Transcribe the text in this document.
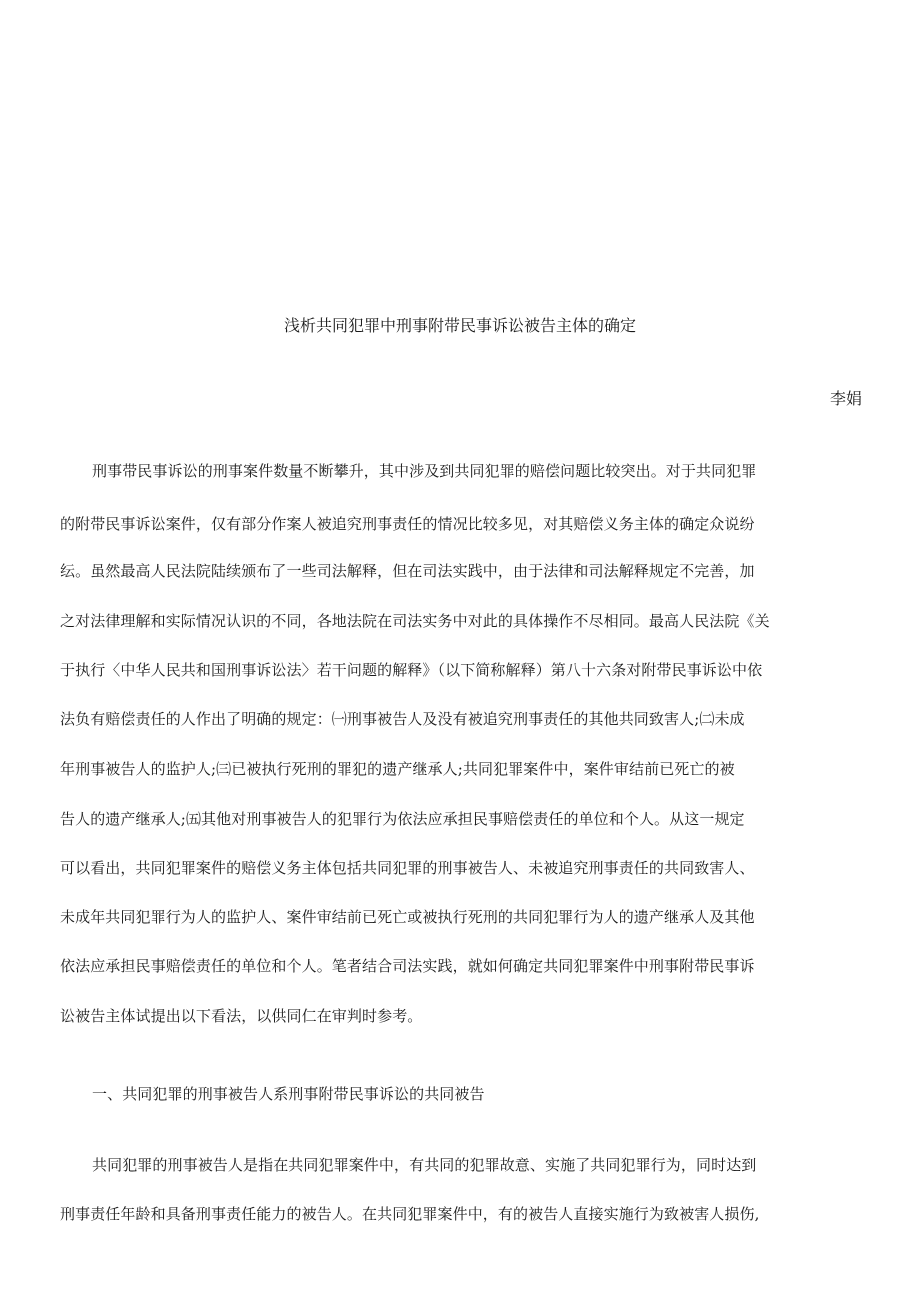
浅析共同犯罪中刑事附带民事诉讼被告主体的确定
李娟
刑事带民事诉讼的刑事案件数量不断攀升，其中涉及到共同犯罪的赔偿问题比较突出。对于共同犯罪
的附带民事诉讼案件，仅有部分作案人被追究刑事责任的情况比较多见，对其赔偿义务主体的确定众说纷
纭。虽然最高人民法院陆续颁布了一些司法解释，但在司法实践中，由于法律和司法解释规定不完善，加
之对法律理解和实际情况认识的不同，各地法院在司法实务中对此的具体操作不尽相同。最高人民法院《关
于执行〈中华人民共和国刑事诉讼法〉若干问题的解释》（以下简称解释）第八十六条对附带民事诉讼中依
法负有赔偿责任的人作出了明确的规定：㈠刑事被告人及没有被追究刑事责任的其他共同致害人;㈡未成
年刑事被告人的监护人;㈢已被执行死刑的罪犯的遗产继承人;共同犯罪案件中，案件审结前已死亡的被
告人的遗产继承人;㈤其他对刑事被告人的犯罪行为依法应承担民事赔偿责任的单位和个人。从这一规定
可以看出，共同犯罪案件的赔偿义务主体包括共同犯罪的刑事被告人、未被追究刑事责任的共同致害人、
未成年共同犯罪行为人的监护人、案件审结前已死亡或被执行死刑的共同犯罪行为人的遗产继承人及其他
依法应承担民事赔偿责任的单位和个人。笔者结合司法实践，就如何确定共同犯罪案件中刑事附带民事诉
讼被告主体试提出以下看法，以供同仁在审判时参考。
一、共同犯罪的刑事被告人系刑事附带民事诉讼的共同被告
共同犯罪的刑事被告人是指在共同犯罪案件中，有共同的犯罪故意、实施了共同犯罪行为，同时达到
刑事责任年龄和具备刑事责任能力的被告人。在共同犯罪案件中，有的被告人直接实施行为致被害人损伤,
